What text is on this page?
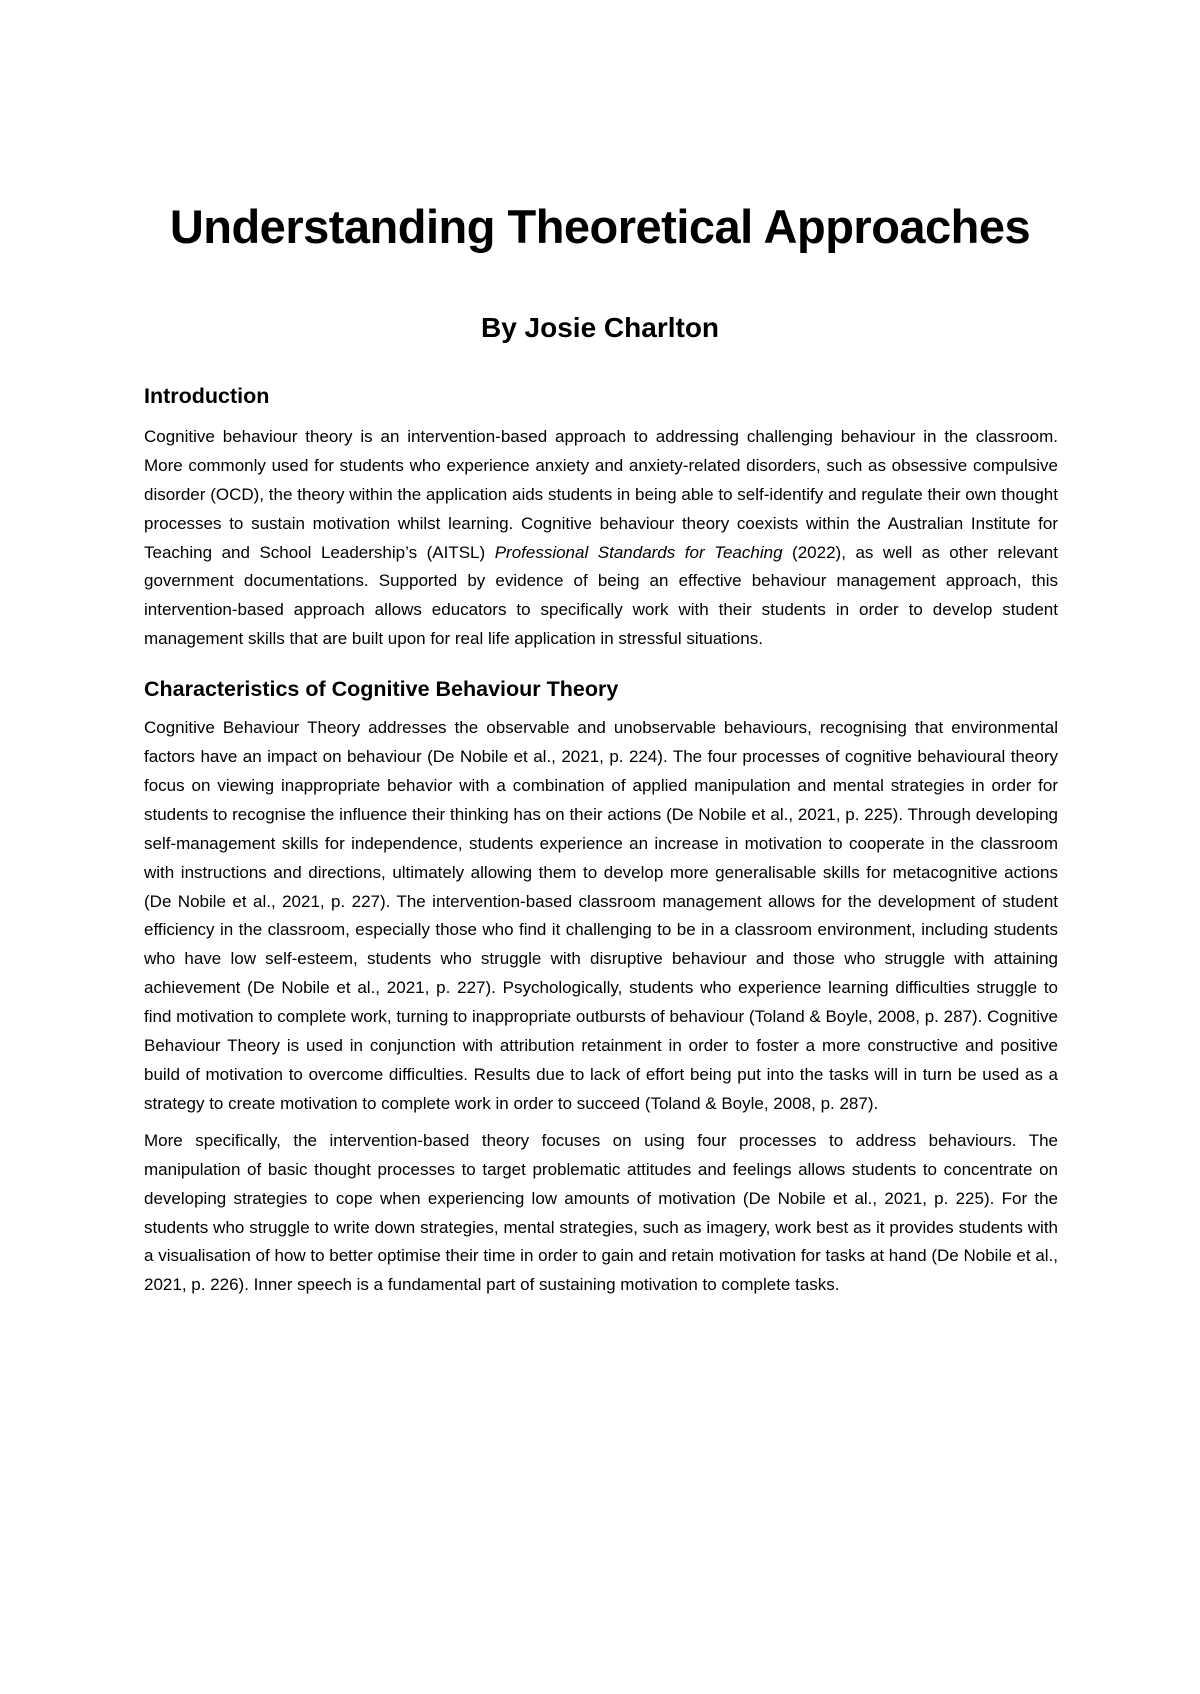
Understanding Theoretical Approaches
By Josie Charlton
Introduction

Cognitive behaviour theory is an intervention-based approach to addressing challenging behaviour in the classroom. More commonly used for students who experience anxiety and anxiety-related disorders, such as obsessive compulsive disorder (OCD), the theory within the application aids students in being able to self-identify and regulate their own thought processes to sustain motivation whilst learning. Cognitive behaviour theory coexists within the Australian Institute for Teaching and School Leadership’s (AITSL) Professional Standards for Teaching (2022), as well as other relevant government documentations. Supported by evidence of being an effective behaviour management approach, this intervention-based approach allows educators to specifically work with their students in order to develop student management skills that are built upon for real life application in stressful situations.

Characteristics of Cognitive Behaviour Theory

Cognitive Behaviour Theory addresses the observable and unobservable behaviours, recognising that environmental factors have an impact on behaviour (De Nobile et al., 2021, p. 224). The four processes of cognitive behavioural theory focus on viewing inappropriate behavior with a combination of applied manipulation and mental strategies in order for students to recognise the influence their thinking has on their actions (De Nobile et al., 2021, p. 225). Through developing self-management skills for independence, students experience an increase in motivation to cooperate in the classroom with instructions and directions, ultimately allowing them to develop more generalisable skills for metacognitive actions (De Nobile et al., 2021, p. 227). The intervention-based classroom management allows for the development of student efficiency in the classroom, especially those who find it challenging to be in a classroom environment, including students who have low self-esteem, students who struggle with disruptive behaviour and those who struggle with attaining achievement (De Nobile et al., 2021, p. 227). Psychologically, students who experience learning difficulties struggle to find motivation to complete work, turning to inappropriate outbursts of behaviour (Toland & Boyle, 2008, p. 287). Cognitive Behaviour Theory is used in conjunction with attribution retainment in order to foster a more constructive and positive build of motivation to overcome difficulties. Results due to lack of effort being put into the tasks will in turn be used as a strategy to create motivation to complete work in order to succeed (Toland & Boyle, 2008, p. 287).

More specifically, the intervention-based theory focuses on using four processes to address behaviours. The manipulation of basic thought processes to target problematic attitudes and feelings allows students to concentrate on developing strategies to cope when experiencing low amounts of motivation (De Nobile et al., 2021, p. 225). For the students who struggle to write down strategies, mental strategies, such as imagery, work best as it provides students with a visualisation of how to better optimise their time in order to gain and retain motivation for tasks at hand (De Nobile et al., 2021, p. 226). Inner speech is a fundamental part of sustaining motivation to complete tasks.
